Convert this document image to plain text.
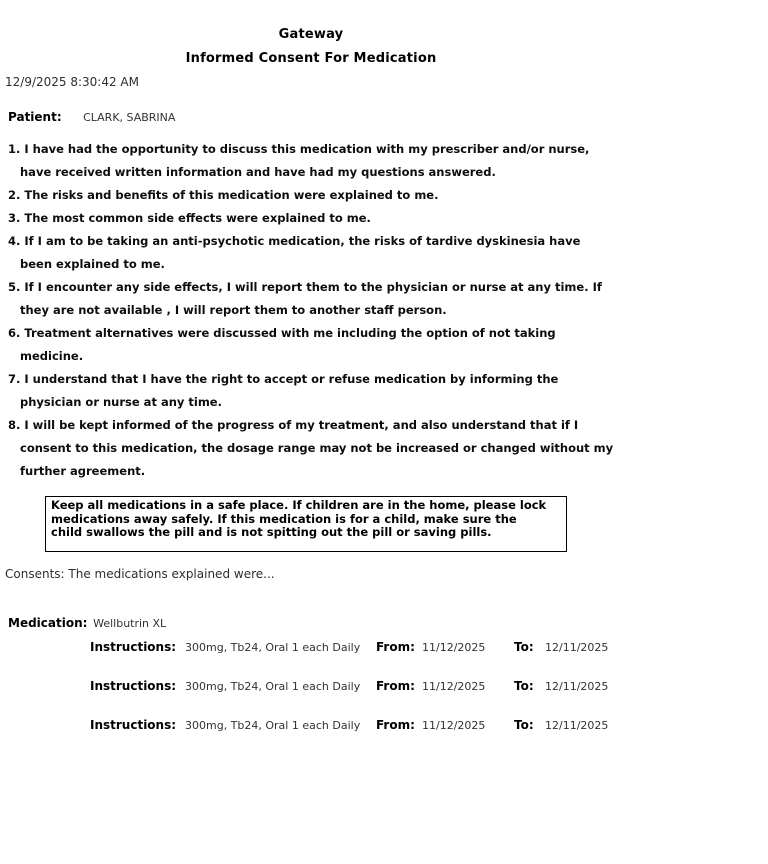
Gateway
Informed Consent For Medication
12/9/2025 8:30:42 AM
Patient: CLARK, SABRINA
1. I have had the opportunity to discuss this medication with my prescriber and/or nurse, have received written information and have had my questions answered.
2. The risks and benefits of this medication were explained to me.
3. The most common side effects were explained to me.
4. If I am to be taking an anti-psychotic medication, the risks of tardive dyskinesia have been explained to me.
5. If I encounter any side effects, I will report them to the physician or nurse at any time. If they are not available , I will report them to another staff person.
6. Treatment alternatives were discussed with me including the option of not taking medicine.
7. I understand that I have the right to accept or refuse medication by informing the physician or nurse at any time.
8. I will be kept informed of the progress of my treatment, and also understand that if I consent to this medication, the dosage range may not be increased or changed without my further agreement.
Keep all medications in a safe place. If children are in the home, please lock medications away safely. If this medication is for a child, make sure the child swallows the pill and is not spitting out the pill or saving pills.
Consents: The medications explained were...
Medication: Wellbutrin XL
Instructions: 300mg, Tb24, Oral 1 each Daily	From: 11/12/2025	To:	12/11/2025
Instructions: 300mg, Tb24, Oral 1 each Daily	From: 11/12/2025	To:	12/11/2025
Instructions: 300mg, Tb24, Oral 1 each Daily	From: 11/12/2025	To:	12/11/2025
